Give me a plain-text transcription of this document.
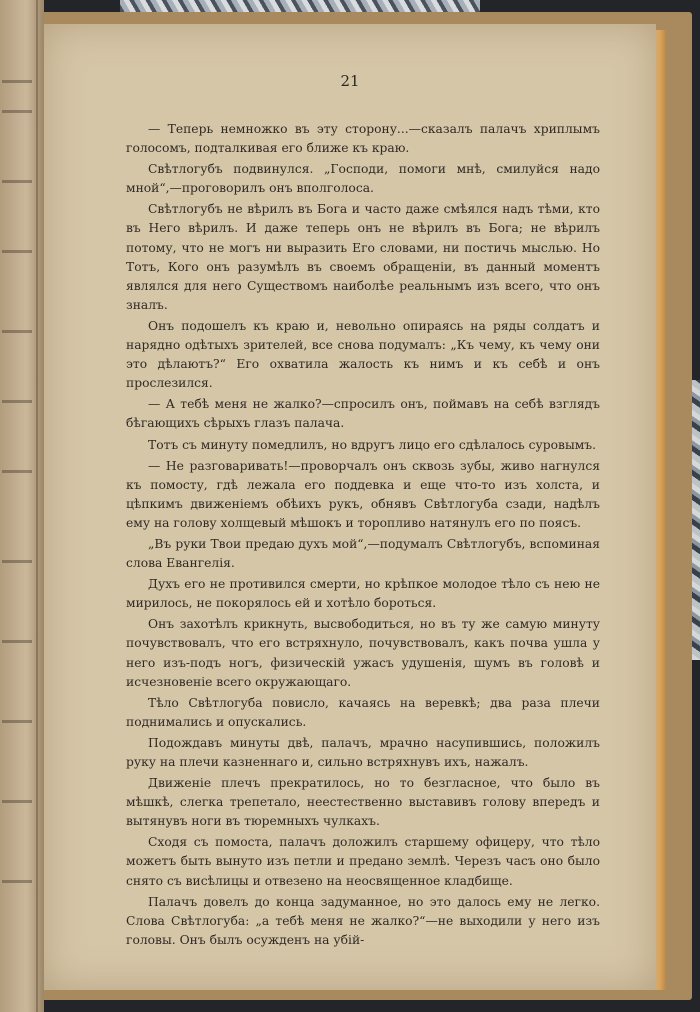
21

— Теперь немножко въ эту сторону...—сказалъ палачъ хриплымъ голосомъ, подталкивая его ближе къ краю.

Свѣтлогубъ подвинулся. „Господи, помоги мнѣ, смилуйся надо мной“,—проговорилъ онъ вполголоса.

Свѣтлогубъ не вѣрилъ въ Бога и часто даже смѣялся надъ тѣми, кто въ Него вѣрилъ. И даже теперь онъ не вѣрилъ въ Бога; не вѣрилъ потому, что не могъ ни выразить Его словами, ни постичь мыслью. Но Тотъ, Кого онъ разумѣлъ въ своемъ обращеніи, въ данный моментъ являлся для него Существомъ наиболѣе реальнымъ изъ всего, что онъ зналъ.

Онъ подошелъ къ краю и, невольно опираясь на ряды солдатъ и нарядно одѣтыхъ зрителей, все снова подумалъ: „Къ чему, къ чему они это дѣлаютъ?“ Его охватила жалость къ нимъ и къ себѣ и онъ прослезился.

— А тебѣ меня не жалко?—спросилъ онъ, поймавъ на себѣ взглядъ бѣгающихъ сѣрыхъ глазъ палача.

Тотъ съ минуту помедлилъ, но вдругъ лицо его сдѣлалось суровымъ.

— Не разговаривать!—проворчалъ онъ сквозь зубы, живо нагнулся къ помосту, гдѣ лежала его поддевка и еще что-то изъ холста, и цѣпкимъ движеніемъ обѣихъ рукъ, обнявъ Свѣтлогуба сзади, надѣлъ ему на голову холщевый мѣшокъ и торопливо натянулъ его по поясъ.

„Въ руки Твои предаю духъ мой“,—подумалъ Свѣтлогубъ, вспоминая слова Евангелія.

Духъ его не противился смерти, но крѣпкое молодое тѣло съ нею не мирилось, не покорялось ей и хотѣло бороться.

Онъ захотѣлъ крикнуть, высвободиться, но въ ту же самую минуту почувствовалъ, что его встряхнуло, почувствовалъ, какъ почва ушла у него изъ-подъ ногъ, физическій ужасъ удушенія, шумъ въ головѣ и исчезновеніе всего окружающаго.

Тѣло Свѣтлогуба повисло, качаясь на веревкѣ; два раза плечи поднимались и опускались.

Подождавъ минуты двѣ, палачъ, мрачно насупившись, положилъ руку на плечи казненнаго и, сильно встряхнувъ ихъ, нажалъ.

Движеніе плечъ прекратилось, но то безгласное, что было въ мѣшкѣ, слегка трепетало, неестественно выставивъ голову впередъ и вытянувъ ноги въ тюремныхъ чулкахъ.

Сходя съ помоста, палачъ доложилъ старшему офицеру, что тѣло можетъ быть вынуто изъ петли и предано землѣ. Черезъ часъ оно было снято съ висѣлицы и отвезено на неосвященное кладбище.

Палачъ довелъ до конца задуманное, но это далось ему не легко. Слова Свѣтлогуба: „а тебѣ меня не жалко?“—не выходили у него изъ головы. Онъ былъ осужденъ на убій-
